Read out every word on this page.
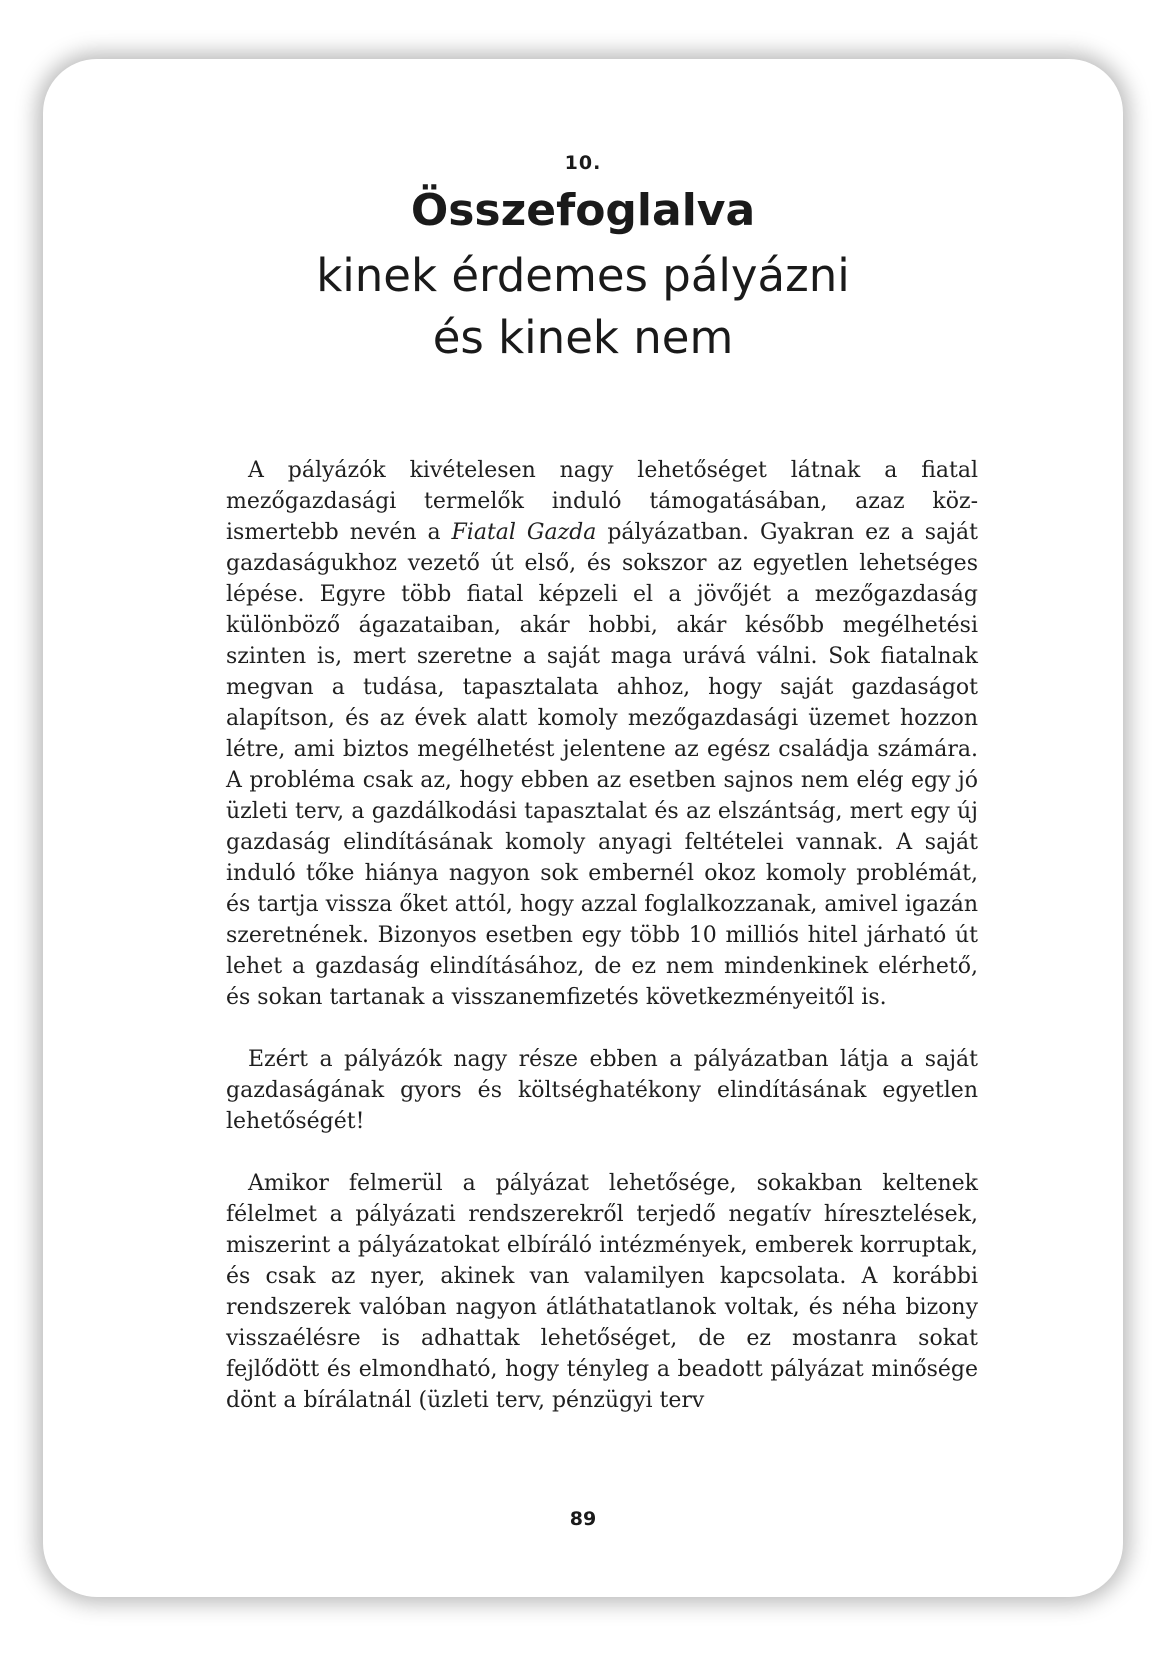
10.
Összefoglalva
kinek érdemes pályázni
és kinek nem

A pályázók kivételesen nagy lehetőséget látnak a fiatal mezőgazdasági termelők induló támogatásában, azaz közismertebb nevén a Fiatal Gazda pályázatban. Gyakran ez a saját gazdaságukhoz vezető út első, és sokszor az egyetlen lehetséges lépése. Egyre több fiatal képzeli el a jövőjét a mezőgazdaság különböző ágazataiban, akár hobbi, akár később megélhetési szinten is, mert szeretne a saját maga urává válni. Sok fiatalnak megvan a tudása, tapasztalata ahhoz, hogy saját gazdaságot alapítson, és az évek alatt komoly mezőgazdasági üzemet hozzon létre, ami biztos megélhetést jelentene az egész családja számára. A probléma csak az, hogy ebben az esetben sajnos nem elég egy jó üzleti terv, a gazdálkodási tapasztalat és az elszántság, mert egy új gazdaság elindításának komoly anyagi feltételei vannak. A saját induló tőke hiánya nagyon sok embernél okoz komoly problémát, és tartja vissza őket attól, hogy azzal foglalkozzanak, amivel igazán szeretnének. Bizonyos esetben egy több 10 milliós hitel járható út lehet a gazdaság elindításához, de ez nem mindenkinek elérhető, és sokan tartanak a visszanemfizetés következményeitől is.

Ezért a pályázók nagy része ebben a pályázatban látja a saját gazdaságának gyors és költséghatékony elindításának egyetlen lehetőségét!

Amikor felmerül a pályázat lehetősége, sokakban keltenek félelmet a pályázati rendszerekről terjedő negatív híresztelések, miszerint a pályázatokat elbíráló intézmények, emberek korruptak, és csak az nyer, akinek van valamilyen kapcsolata. A korábbi rendszerek valóban nagyon átláthatatlanok voltak, és néha bizony visszaélésre is adhattak lehetőséget, de ez mostanra sokat fejlődött és elmondható, hogy tényleg a beadott pályázat minősége dönt a bírálatnál (üzleti terv, pénzügyi terv

89
